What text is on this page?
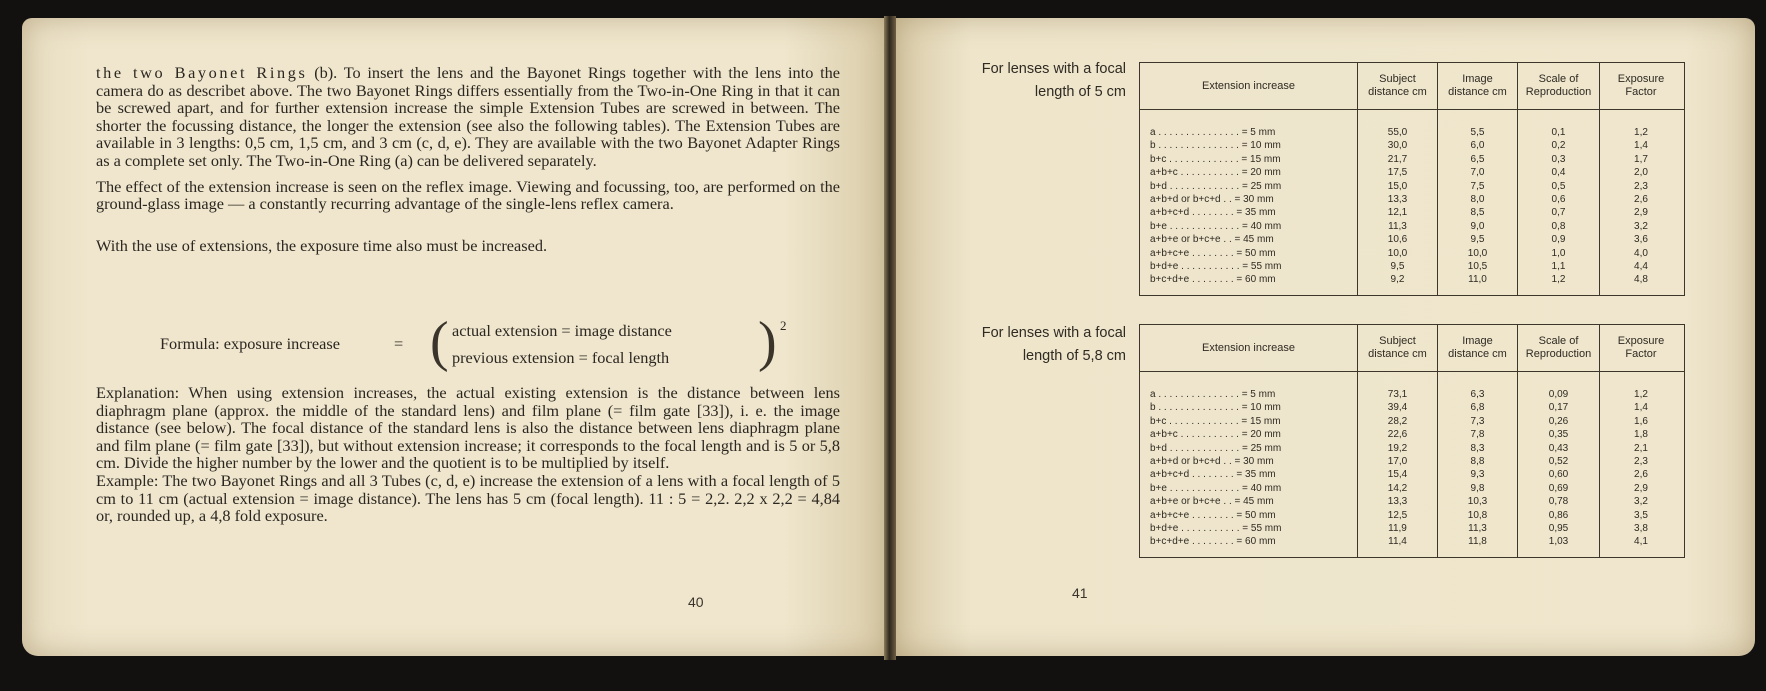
the two Bayonet Rings (b). To insert the lens and the Bayonet Rings together with the lens into the camera do as describet above. The two Bayonet Rings differs essentially from the Two-in-One Ring in that it can be screwed apart, and for further extension increase the simple Extension Tubes are screwed in between. The shorter the focussing distance, the longer the extension (see also the following tables). The Extension Tubes are available in 3 lengths: 0,5 cm, 1,5 cm, and 3 cm (c, d, e). They are available with the two Bayonet Adapter Rings as a complete set only. The Two-in-One Ring (a) can be delivered separately.

The effect of the extension increase is seen on the reflex image. Viewing and focussing, too, are performed on the ground-glass image — a constantly recurring advantage of the single-lens reflex camera.

With the use of extensions, the exposure time also must be increased.

Formula: exposure increase	= ( actual extension = image distance
previous extension = focal length ) 2

Explanation: When using extension increases, the actual existing extension is the distance between lens diaphragm plane (approx. the middle of the standard lens) and film plane (= film gate [33]), i. e. the image distance (see below). The focal distance of the standard lens is also the distance between lens diaphragm plane and film plane (= film gate [33]), but without extension increase; it corresponds to the focal length and is 5 or 5,8 cm. Divide the higher number by the lower and the quotient is to be multiplied by itself.

Example: The two Bayonet Rings and all 3 Tubes (c, d, e) increase the extension of a lens with a focal length of 5 cm to 11 cm (actual extension = image distance). The lens has 5 cm (focal length). 11 : 5 = 2,2. 2,2 x 2,2 = 4,84 or, rounded up, a 4,8 fold exposure.

40
41
For lenses with a focal
length of 5 cm	Extension increase
Subject
distance cm
Image
distance cm
Scale of
Reproduction
Exposure
Factor
a . . . . . . . . . . . . . . . = 5 mm
b . . . . . . . . . . . . . . . = 10 mm
b+c . . . . . . . . . . . . . = 15 mm
a+b+c . . . . . . . . . . . = 20 mm
b+d . . . . . . . . . . . . . = 25 mm
a+b+d or b+c+d . . = 30 mm
a+b+c+d . . . . . . . . = 35 mm
b+e . . . . . . . . . . . . . = 40 mm
a+b+e or b+c+e . . = 45 mm
a+b+c+e . . . . . . . . = 50 mm
b+d+e . . . . . . . . . . . = 55 mm
b+c+d+e . . . . . . . . = 60 mm
55,0
30,0
21,7
17,5
15,0
13,3
12,1
11,3
10,6
10,0
9,5
9,2
5,5
6,0
6,5
7,0
7,5
8,0
8,5
9,0
9,5
10,0
10,5
11,0
0,1
0,2
0,3
0,4
0,5
0,6
0,7
0,8
0,9
1,0
1,1
1,2
1,2
1,4
1,7
2,0
2,3
2,6
2,9
3,2
3,6
4,0
4,4
4,8
For lenses with a focal
length of 5,8 cm
Extension increase
Subject
distance cm
Image
distance cm
Scale of
Reproduction
Exposure
Factor
a . . . . . . . . . . . . . . . = 5 mm
b . . . . . . . . . . . . . . . = 10 mm
b+c . . . . . . . . . . . . . = 15 mm
a+b+c . . . . . . . . . . . = 20 mm
b+d . . . . . . . . . . . . . = 25 mm
a+b+d or b+c+d . . = 30 mm
a+b+c+d . . . . . . . . = 35 mm
b+e . . . . . . . . . . . . . = 40 mm
a+b+e or b+c+e . . = 45 mm
a+b+c+e . . . . . . . . = 50 mm
b+d+e . . . . . . . . . . . = 55 mm
b+c+d+e . . . . . . . . = 60 mm
73,1
39,4
28,2
22,6
19,2
17,0
15,4
14,2
13,3
12,5
11,9
11,4
6,3
6,8
7,3
7,8
8,3
8,8
9,3
9,8
10,3
10,8
11,3
11,8
0,09
0,17
0,26
0,35
0,43
0,52
0,60
0,69
0,78
0,86
0,95
1,03
1,2
1,4
1,6
1,8
2,1
2,3
2,6
2,9
3,2
3,5
3,8
4,1
